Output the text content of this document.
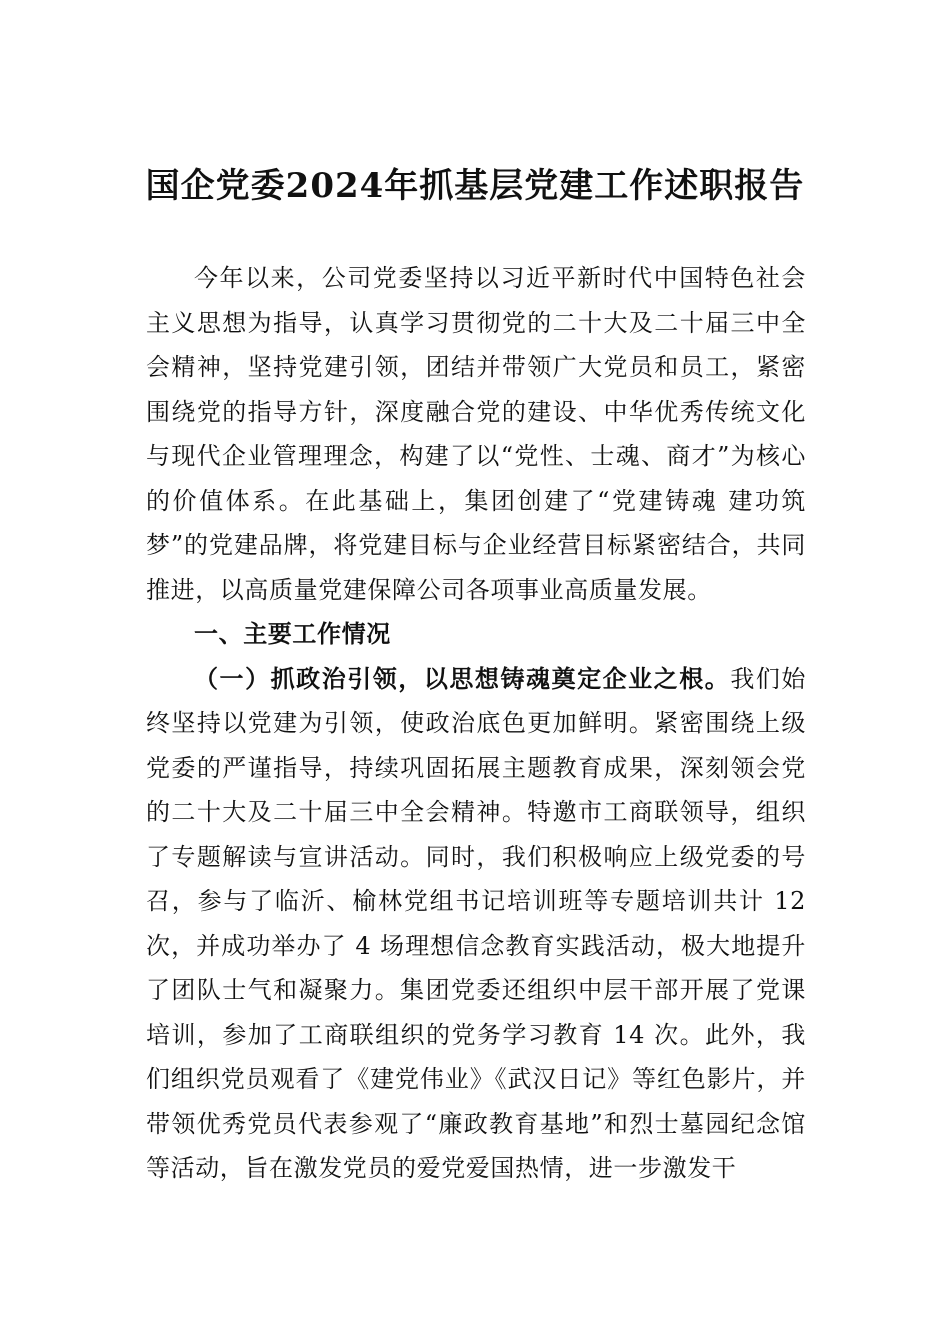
国企党委2024年抓基层党建工作述职报告

今年以来，公司党委坚持以习近平新时代中国特色社会主义思想为指导，认真学习贯彻党的二十大及二十届三中全会精神，坚持党建引领，团结并带领广大党员和员工，紧密围绕党的指导方针，深度融合党的建设、中华优秀传统文化与现代企业管理理念，构建了以“党性、士魂、商才”为核心的价值体系。在此基础上，集团创建了“党建铸魂 建功筑梦”的党建品牌，将党建目标与企业经营目标紧密结合，共同推进，以高质量党建保障公司各项事业高质量发展。

一、主要工作情况

（一）抓政治引领，以思想铸魂奠定企业之根。我们始终坚持以党建为引领，使政治底色更加鲜明。紧密围绕上级党委的严谨指导，持续巩固拓展主题教育成果，深刻领会党的二十大及二十届三中全会精神。特邀市工商联领导，组织了专题解读与宣讲活动。同时，我们积极响应上级党委的号召，参与了临沂、榆林党组书记培训班等专题培训共计 12 次，并成功举办了 4 场理想信念教育实践活动，极大地提升了团队士气和凝聚力。集团党委还组织中层干部开展了党课培训，参加了工商联组织的党务学习教育 14 次。此外，我们组织党员观看了《建党伟业》《武汉日记》等红色影片，并带领优秀党员代表参观了“廉政教育基地”和烈士墓园纪念馆等活动，旨在激发党员的爱党爱国热情，进一步激发干
